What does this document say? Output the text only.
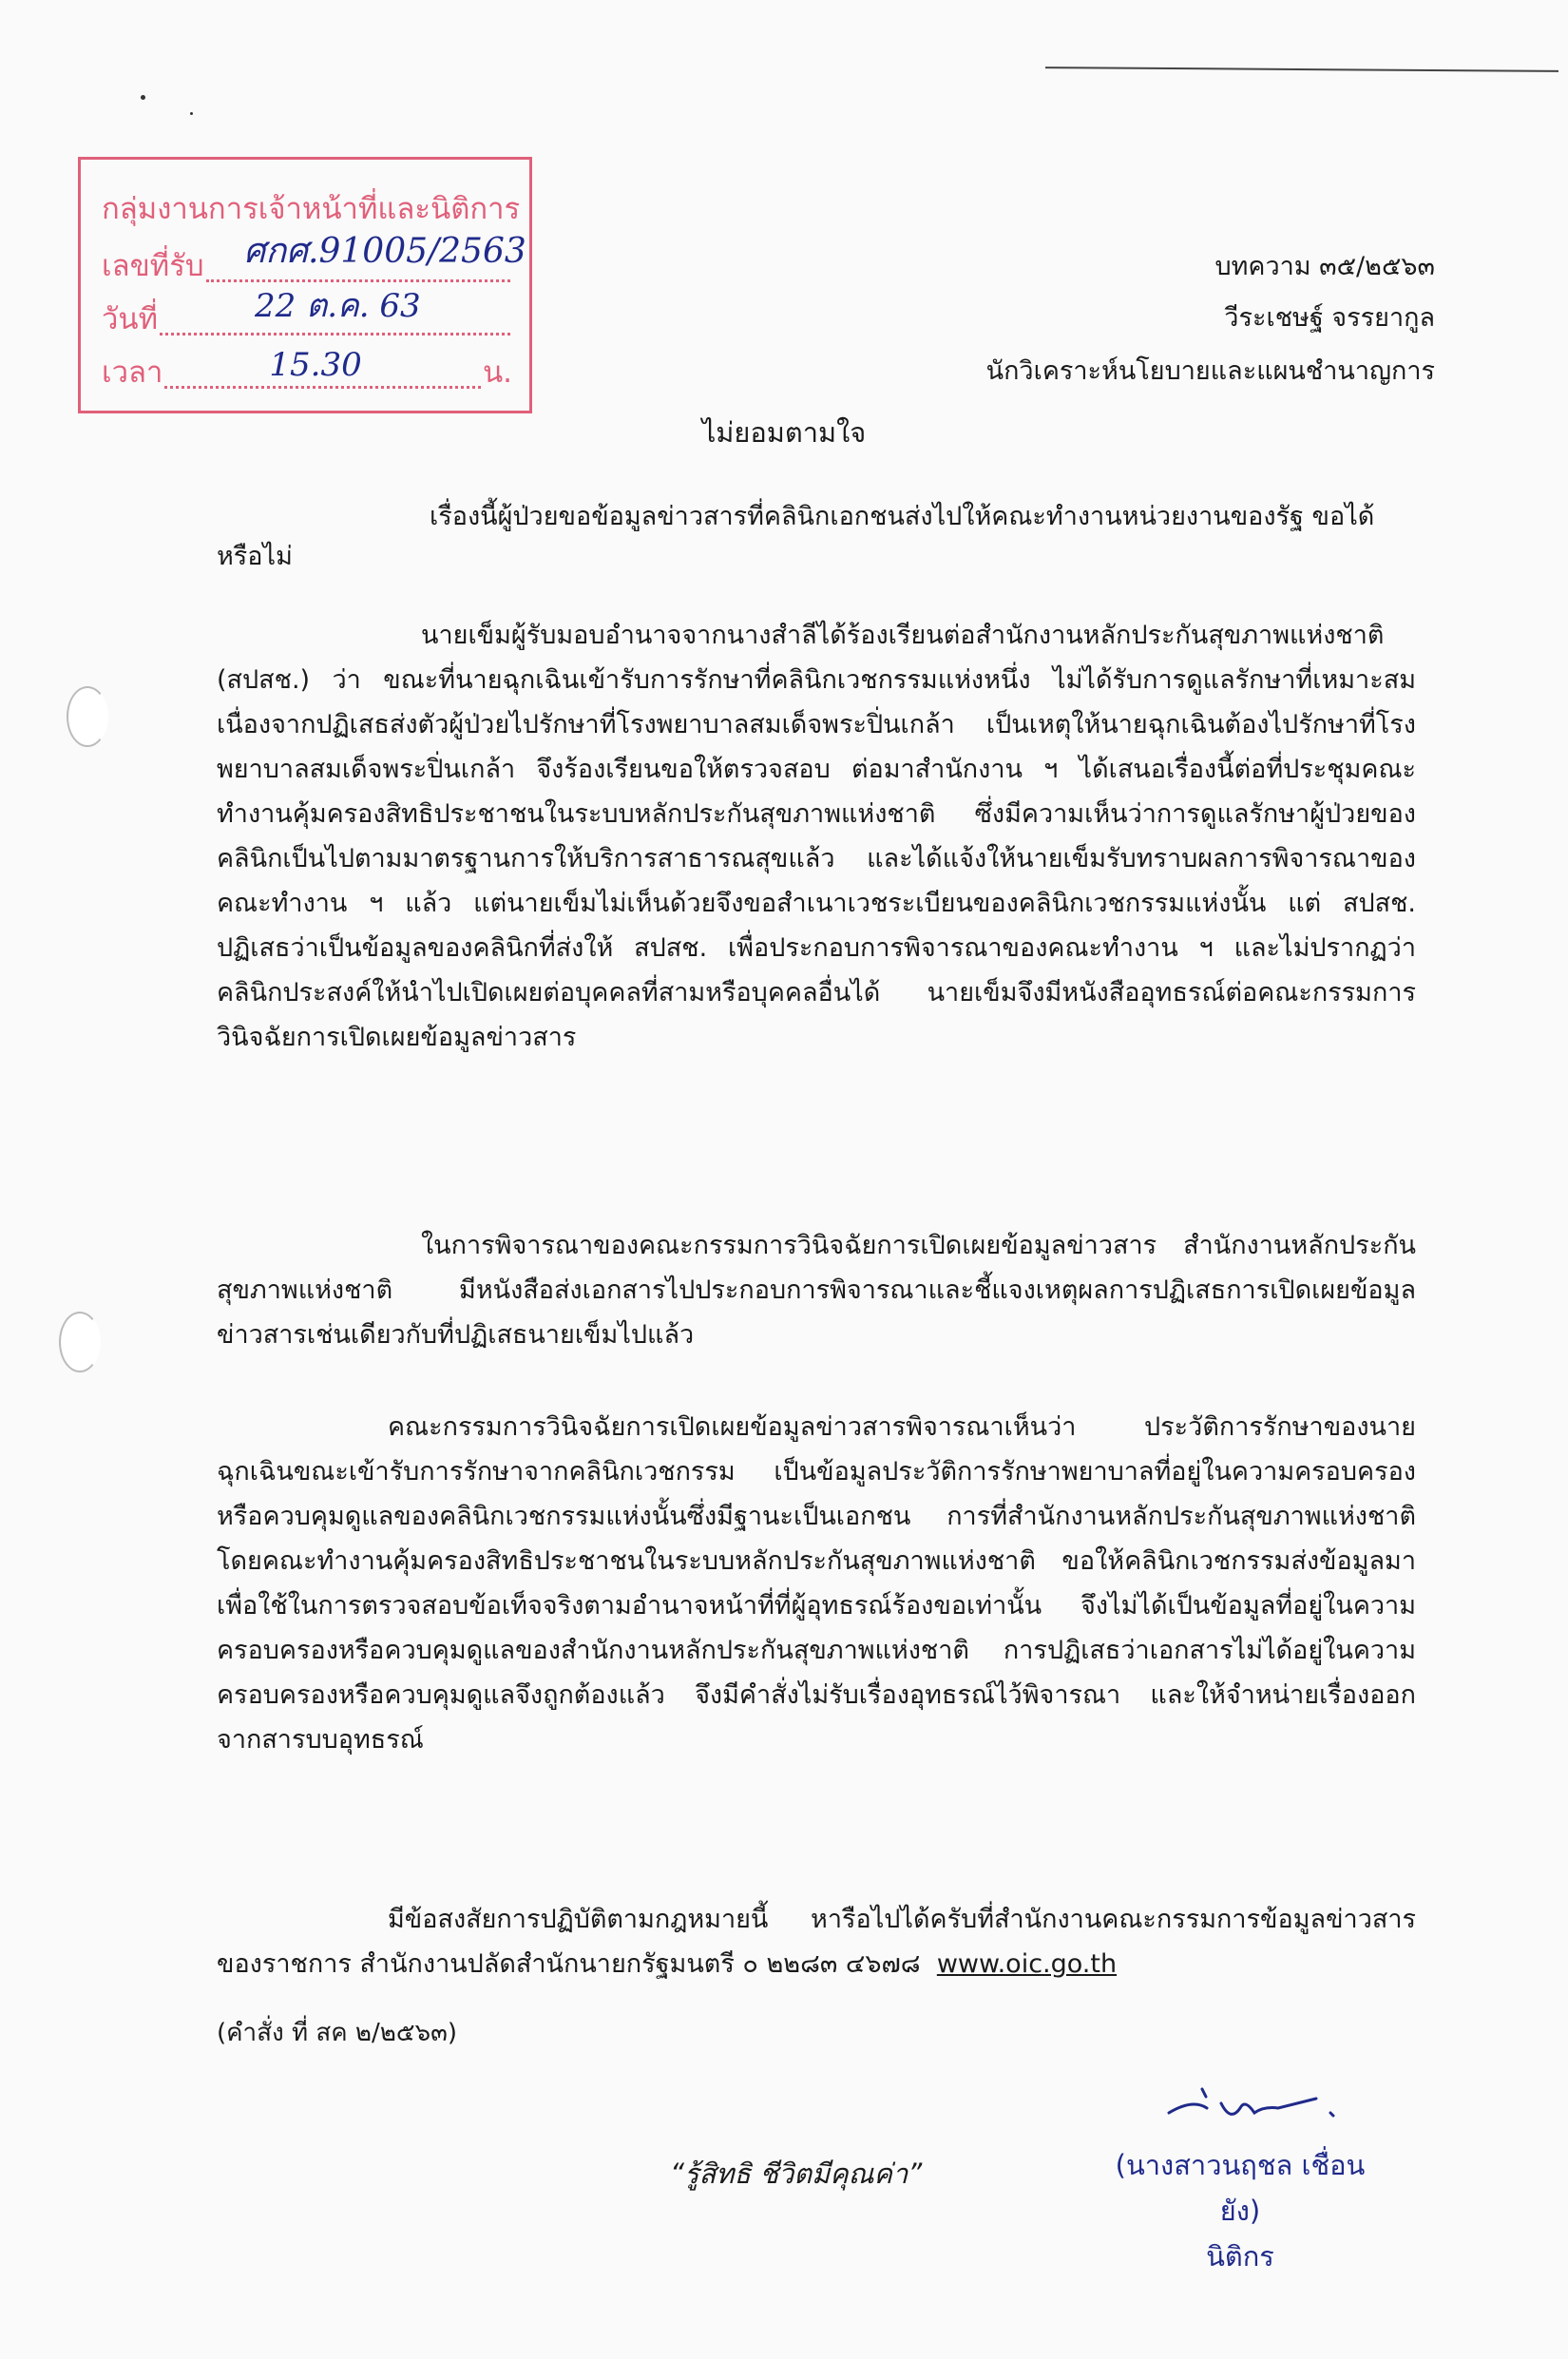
กลุ่มงานการเจ้าหน้าที่และนิติการ
เลขที่รับ ศกศ.91005/2563
วันที่	22 ต.ค. 63
เวลา	15.30	น.
บทความ ๓๕/๒๕๖๓
วีระเชษฐ์ จรรยากูล
นักวิเคราะห์นโยบายและแผนชำนาญการ
ไม่ยอมตามใจ
เรื่องนี้ผู้ป่วยขอข้อมูลข่าวสารที่คลินิกเอกชนส่งไปให้คณะทำงานหน่วยงานของรัฐ ขอได้
หรือไม่
นายเข็มผู้รับมอบอำนาจจากนางสำลีได้ร้องเรียนต่อสำนักงานหลักประกันสุขภาพแห่งชาติ (สปสช.) ว่า ขณะที่นายฉุกเฉินเข้ารับการรักษาที่คลินิกเวชกรรมแห่งหนึ่ง ไม่ได้รับการดูแลรักษาที่เหมาะสม เนื่องจากปฏิเสธส่งตัวผู้ป่วยไปรักษาที่โรงพยาบาลสมเด็จพระปิ่นเกล้า เป็นเหตุให้นายฉุกเฉินต้องไปรักษาที่โรงพยาบาลสมเด็จพระปิ่นเกล้า จึงร้องเรียนขอให้ตรวจสอบ ต่อมาสำนักงาน ฯ ได้เสนอเรื่องนี้ต่อที่ประชุมคณะทำงานคุ้มครองสิทธิประชาชนในระบบหลักประกันสุขภาพแห่งชาติ ซึ่งมีความเห็นว่าการดูแลรักษาผู้ป่วยของคลินิกเป็นไปตามมาตรฐานการให้บริการสาธารณสุขแล้ว และได้แจ้งให้นายเข็มรับทราบผลการพิจารณาของคณะทำงาน ฯ แล้ว แต่นายเข็มไม่เห็นด้วยจึงขอสำเนาเวชระเบียนของคลินิกเวชกรรมแห่งนั้น แต่ สปสช. ปฏิเสธว่าเป็นข้อมูลของคลินิกที่ส่งให้ สปสช. เพื่อประกอบการพิจารณาของคณะทำงาน ฯ และไม่ปรากฏว่าคลินิกประสงค์ให้นำไปเปิดเผยต่อบุคคลที่สามหรือบุคคลอื่นได้ นายเข็มจึงมีหนังสืออุทธรณ์ต่อคณะกรรมการวินิจฉัยการเปิดเผยข้อมูลข่าวสาร
ในการพิจารณาของคณะกรรมการวินิจฉัยการเปิดเผยข้อมูลข่าวสาร สำนักงานหลักประกันสุขภาพแห่งชาติ มีหนังสือส่งเอกสารไปประกอบการพิจารณาและชี้แจงเหตุผลการปฏิเสธการเปิดเผยข้อมูลข่าวสารเช่นเดียวกับที่ปฏิเสธนายเข็มไปแล้ว
คณะกรรมการวินิจฉัยการเปิดเผยข้อมูลข่าวสารพิจารณาเห็นว่า ประวัติการรักษาของนายฉุกเฉินขณะเข้ารับการรักษาจากคลินิกเวชกรรม เป็นข้อมูลประวัติการรักษาพยาบาลที่อยู่ในความครอบครองหรือควบคุมดูแลของคลินิกเวชกรรมแห่งนั้นซึ่งมีฐานะเป็นเอกชน การที่สำนักงานหลักประกันสุขภาพแห่งชาติโดยคณะทำงานคุ้มครองสิทธิประชาชนในระบบหลักประกันสุขภาพแห่งชาติ ขอให้คลินิกเวชกรรมส่งข้อมูลมาเพื่อใช้ในการตรวจสอบข้อเท็จจริงตามอำนาจหน้าที่ที่ผู้อุทธรณ์ร้องขอเท่านั้น จึงไม่ได้เป็นข้อมูลที่อยู่ในความครอบครองหรือควบคุมดูแลของสำนักงานหลักประกันสุขภาพแห่งชาติ การปฏิเสธว่าเอกสารไม่ได้อยู่ในความครอบครองหรือควบคุมดูแลจึงถูกต้องแล้ว จึงมีคำสั่งไม่รับเรื่องอุทธรณ์ไว้พิจารณา และให้จำหน่ายเรื่องออกจากสารบบอุทธรณ์
มีข้อสงสัยการปฏิบัติตามกฎหมายนี้ หารือไปได้ครับที่สำนักงานคณะกรรมการข้อมูลข่าวสารของราชการ สำนักงานปลัดสำนักนายกรัฐมนตรี ๐ ๒๒๘๓ ๔๖๗๘ www.oic.go.th
(คำสั่ง ที่ สค ๒/๒๕๖๓)
“รู้สิทธิ ชีวิตมีคุณค่า”	(นางสาวนฤชล เชื่อนยัง)
นิติกร
